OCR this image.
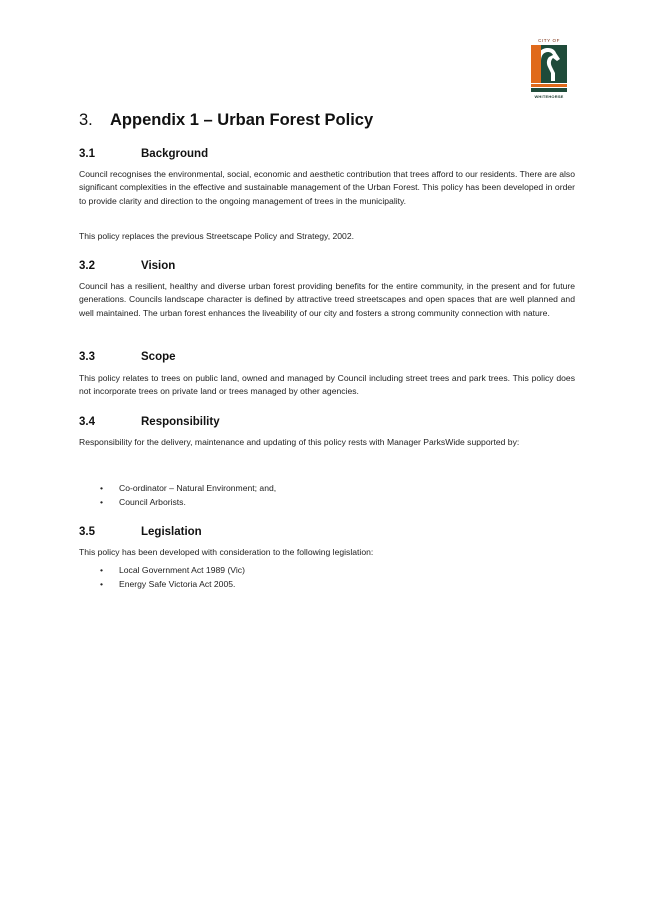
CITY OF
WHITEHORSE
3. Appendix 1 – Urban Forest Policy
3.1	Background
Council recognises the environmental, social, economic and aesthetic contribution that trees afford to our residents. There are also significant complexities in the effective and sustainable management of the Urban Forest. This policy has been developed in order to provide clarity and direction to the ongoing management of trees in the municipality.
This policy replaces the previous Streetscape Policy and Strategy, 2002.
3.2	Vision
Council has a resilient, healthy and diverse urban forest providing benefits for the entire community, in the present and for future generations. Councils landscape character is defined by attractive treed streetscapes and open spaces that are well planned and well maintained. The urban forest enhances the liveability of our city and fosters a strong community connection with nature.
3.3	Scope
This policy relates to trees on public land, owned and managed by Council including street trees and park trees. This policy does not incorporate trees on private land or trees managed by other agencies.
3.4	Responsibility
Responsibility for the delivery, maintenance and updating of this policy rests with Manager ParksWide supported by:
• Co-ordinator – Natural Environment; and,
• Council Arborists.
3.5	Legislation
This policy has been developed with consideration to the following legislation:
• Local Government Act 1989 (Vic)
• Energy Safe Victoria Act 2005.
